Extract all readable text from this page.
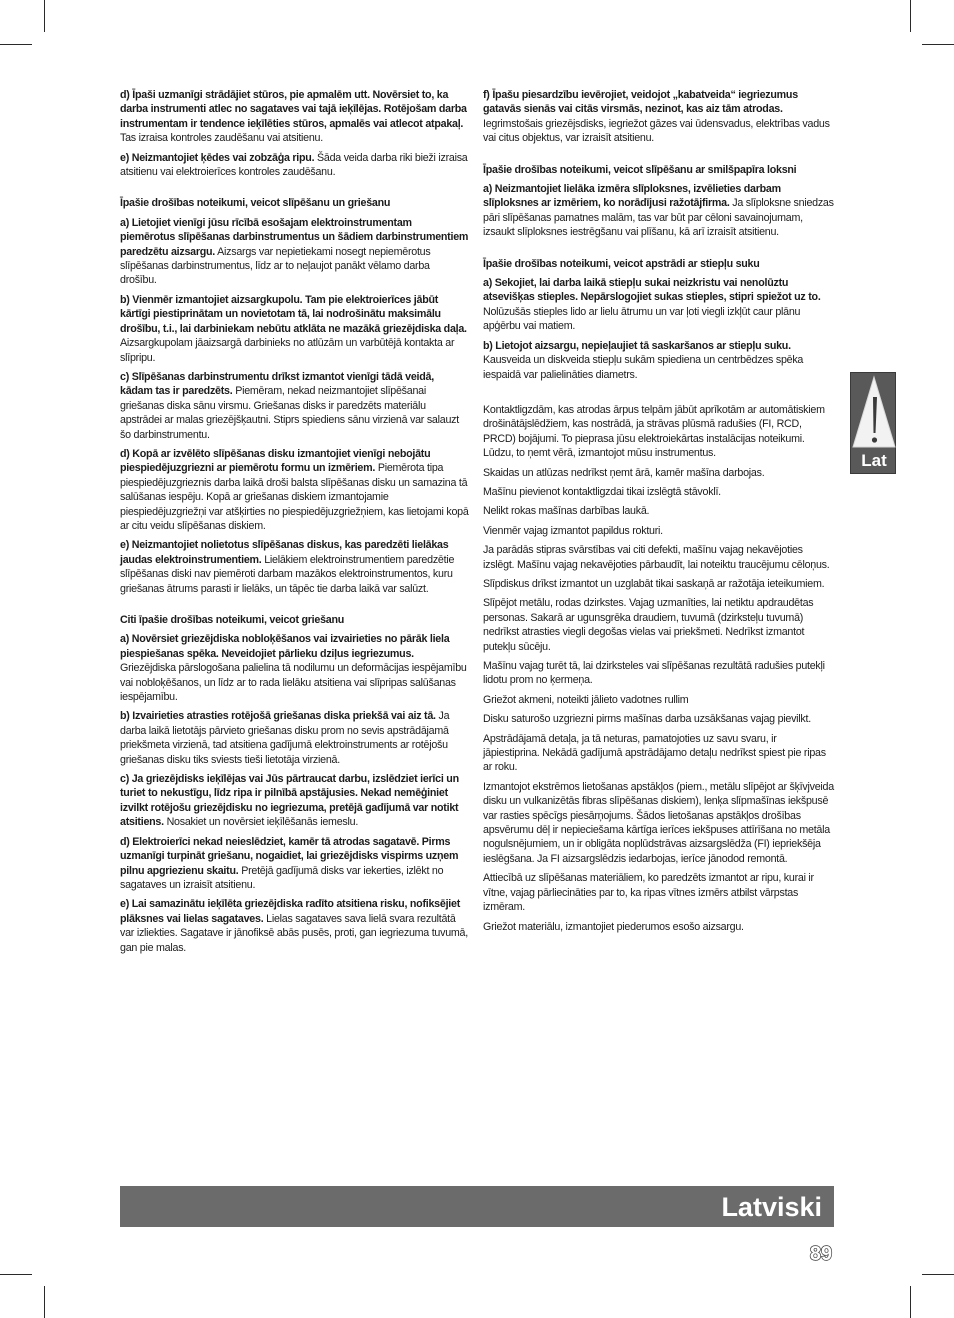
d) Īpaši uzmanīgi strādājiet stūros, pie apmalēm utt. Novērsiet to, ka darba instrumenti atlec no sagataves vai tajā ieķīlējas. Rotējošam darba instrumentam ir tendence ieķīlēties stūros, apmalēs vai atlecot atpakaļ. Tas izraisa kontroles zaudēšanu vai atsitienu.

e) Neizmantojiet ķēdes vai zobzāģa ripu. Šāda veida darba riki bieži izraisa atsitienu vai elektroierīces kontroles zaudēšanu.

Īpašie drošības noteikumi, veicot slīpēšanu un griešanu

a) Lietojiet vienīgi jūsu rīcībā esošajam elektroinstrumentam piemērotus slīpēšanas darbinstrumentus un šādiem darbinstrumentiem paredzētu aizsargu. Aizsargs var nepietiekami nosegt nepiemērotus slīpēšanas darbinstrumentus, līdz ar to neļaujot panākt vēlamo darba drošību.

b) Vienmēr izmantojiet aizsargkupolu. Tam pie elektroierīces jābūt kārtīgi piestiprinātam un novietotam tā, lai nodrošinātu maksimālu drošību, t.i., lai darbiniekam nebūtu atklāta ne mazākā griezējdiska daļa. Aizsargkupolam jāaizsargā darbinieks no atlūzām un varbūtējā kontakta ar slīpripu.

c) Slīpēšanas darbinstrumentu drīkst izmantot vienīgi tādā veidā, kādam tas ir paredzēts. Piemēram, nekad neizmantojiet slīpēšanai griešanas diska sānu virsmu. Griešanas disks ir paredzēts materiālu apstrādei ar malas griezējšķautni. Stiprs spiediens sānu virzienā var salauzt šo darbinstrumentu.

d) Kopā ar izvēlēto slīpēšanas disku izmantojiet vienīgi nebojātu piespiedējuzgriezni ar piemērotu formu un izmēriem. Piemērota tipa piespiedējuzgrieznis darba laikā droši balsta slīpēšanas disku un samazina tā salūšanas iespēju. Kopā ar griešanas diskiem izmantojamie piespiedējuzgriežņi var atšķirties no piespiedējuzgriežņiem, kas lietojami kopā ar citu veidu slīpēšanas diskiem.

e) Neizmantojiet nolietotus slīpēšanas diskus, kas paredzēti lielākas jaudas elektroinstrumentiem. Lielākiem elektroinstrumentiem paredzētie slīpēšanas diski nav piemēroti darbam mazākos elektroinstrumentos, kuru griešanas ātrums parasti ir lielāks, un tāpēc tie darba laikā var salūzt.

Citi īpašie drošības noteikumi, veicot griešanu

a) Novērsiet griezējdiska nobloķēšanos vai izvairieties no pārāk liela piespiešanas spēka. Neveidojiet pārlieku dziļus iegriezumus. Griezējdiska pārslogošana palielina tā nodilumu un deformācijas iespējamību vai nobloķēšanos, un līdz ar to rada lielāku atsitiena vai slīpripas salūšanas iespējamību.

b) Izvairieties atrasties rotējošā griešanas diska priekšā vai aiz tā. Ja darba laikā lietotājs pārvieto griešanas disku prom no sevis apstrādājamā priekšmeta virzienā, tad atsitiena gadījumā elektroinstruments ar rotējošu griešanas disku tiks sviests tieši lietotāja virzienā.

c) Ja griezējdisks ieķīlējas vai Jūs pārtraucat darbu, izslēdziet ierīci un turiet to nekustīgu, līdz ripa ir pilnībā apstājusies. Nekad nemēģiniet izvilkt rotējošu griezējdisku no iegriezuma, pretējā gadījumā var notikt atsitiens. Nosakiet un novērsiet ieķīlēšanās iemeslu.

d) Elektroierīci nekad neieslēdziet, kamēr tā atrodas sagatavē. Pirms uzmanīgi turpināt griešanu, nogaidiet, lai griezējdisks vispirms uzņem pilnu apgriezienu skaitu. Pretējā gadījumā disks var iekerties, izlēkt no sagataves un izraisīt atsitienu.

e) Lai samazinātu ieķīlēta griezējdiska radīto atsitiena risku, nofiksējiet plāksnes vai lielas sagataves. Lielas sagataves sava lielā svara rezultātā var izliekties. Sagatave ir jānofiksē abās pusēs, proti, gan iegriezuma tuvumā, gan pie malas.

f) Īpašu piesardzību ievērojiet, veidojot „kabatveida“ iegriezumus gatavās sienās vai citās virsmās, nezinot, kas aiz tām atrodas. Iegrimstošais griezējsdisks, iegriežot gāzes vai ūdensvadus, elektrības vadus vai citus objektus, var izraisīt atsitienu.

Īpašie drošības noteikumi, veicot slīpēšanu ar smilšpapīra loksni

a) Neizmantojiet lielāka izmēra slīploksnes, izvēlieties darbam slīploksnes ar izmēriem, ko norādījusi ražotājfirma. Ja slīploksne sniedzas pāri slīpēšanas pamatnes malām, tas var būt par cēloni savainojumam, izsaukt slīploksnes iestrēgšanu vai plīšanu, kā arī izraisīt atsitienu.

Īpašie drošības noteikumi, veicot apstrādi ar stiepļu suku

a) Sekojiet, lai darba laikā stiepļu sukai neizkristu vai nenolūztu atsevišķas stieples. Nepārslogojiet sukas stieples, stipri spiežot uz to. Nolūzušās stieples lido ar lielu ātrumu un var ļoti viegli izkļūt caur plānu apģērbu vai matiem.

b) Lietojot aizsargu, nepieļaujiet tā saskaršanos ar stiepļu suku. Kausveida un diskveida stiepļu sukām spiediena un centrbēdzes spēka iespaidā var palielināties diametrs.

Kontaktligzdām, kas atrodas ārpus telpām jābūt aprīkotām ar automātiskiem drošinātājslēdžiem, kas nostrādā, ja strāvas plūsmā radušies (FI, RCD, PRCD) bojājumi. To pieprasa jūsu elektroiekārtas instalācijas noteikumi. Lūdzu, to ņemt vērā, izmantojot mūsu instrumentus.

Skaidas un atlūzas nedrīkst ņemt ārā, kamēr mašīna darbojas.

Mašīnu pievienot kontaktligzdai tikai izslēgtā stāvoklī.

Nelikt rokas mašīnas darbības laukā.

Vienmēr vajag izmantot papildus rokturi.

Ja parādās stipras svārstības vai citi defekti, mašīnu vajag nekavējoties izslēgt. Mašīnu vajag nekavējoties pārbaudīt, lai noteiktu traucējumu cēloņus.

Slīpdiskus drīkst izmantot un uzglabāt tikai saskaņā ar ražotāja ieteikumiem.

Slīpējot metālu, rodas dzirkstes. Vajag uzmanīties, lai netiktu apdraudētas personas. Sakarā ar ugunsgrēka draudiem, tuvumā (dzirksteļu tuvumā) nedrīkst atrasties viegli degošas vielas vai priekšmeti. Nedrīkst izmantot putekļu sūcēju.

Mašīnu vajag turēt tā, lai dzirksteles vai slīpēšanas rezultātā radušies putekļi lidotu prom no ķermeņa.

Griežot akmeni, noteikti jālieto vadotnes rullim

Disku saturošo uzgriezni pirms mašīnas darba uzsākšanas vajag pievilkt.

Apstrādājamā detaļa, ja tā neturas, pamatojoties uz savu svaru, ir jāpiestiprina. Nekādā gadījumā apstrādājamo detaļu nedrīkst spiest pie ripas ar roku.

Izmantojot ekstrēmos lietošanas apstākļos (piem., metālu slīpējot ar šķīvjveida disku un vulkanizētās fibras slīpēšanas diskiem), lenķa slīpmašīnas iekšpusē var rasties spēcīgs piesārņojums. Šādos lietošanas apstākļos drošības apsvērumu dēļ ir nepieciešama kārtīga ierīces iekšpuses attīrīšana no metāla nogulsnējumiem, un ir obligāta noplūdstrāvas aizsargslēdža (FI) iepriekšēja ieslēgšana. Ja FI aizsargslēdzis iedarbojas, ierīce jānodod remontā.

Attiecībā uz slīpēšanas materiāliem, ko paredzēts izmantot ar ripu, kurai ir vītne, vajag pārliecināties par to, ka ripas vītnes izmērs atbilst vārpstas izmēram.

Griežot materiālu, izmantojiet piederumos esošo aizsargu.

Lat
Latviski
89
